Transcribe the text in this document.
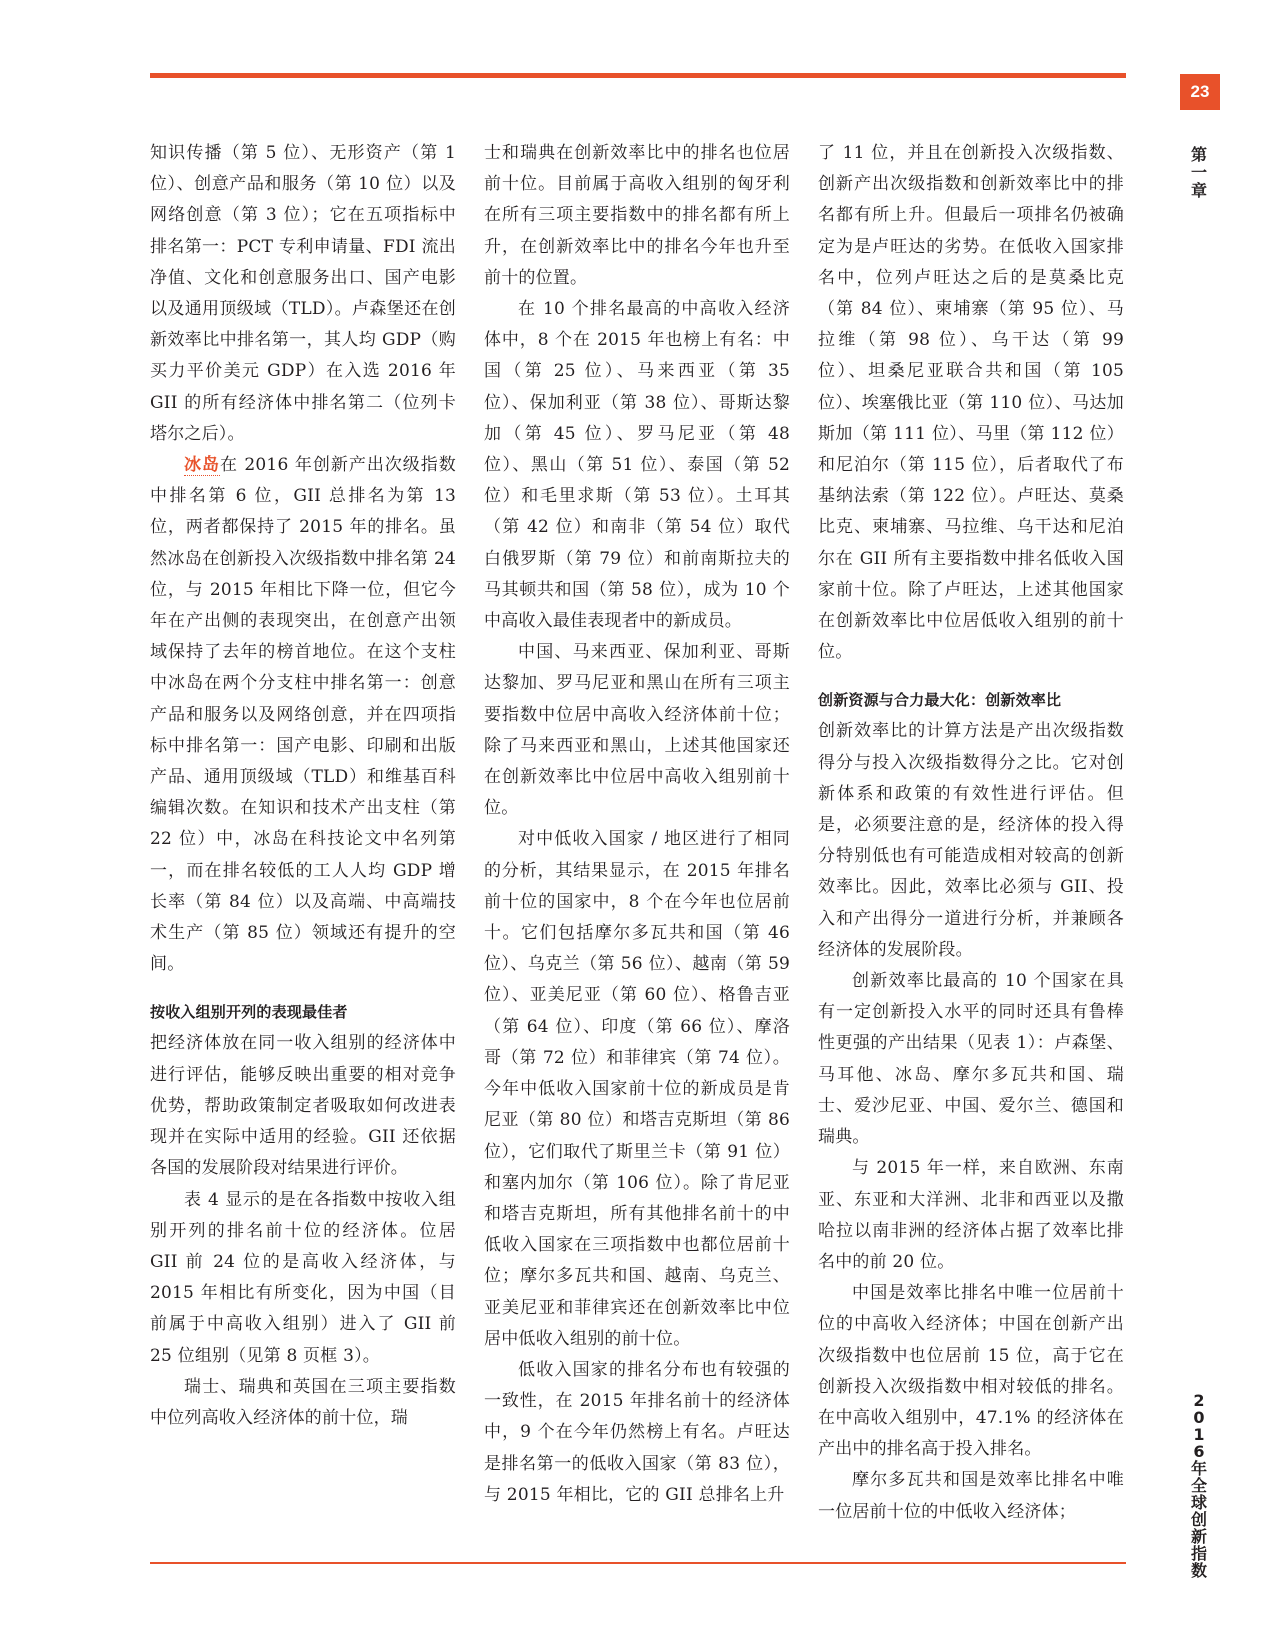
23
第
一
章
2
0
1
6
年
全
球
创
新
指
数

知识传播（第 5 位）、无形资产（第 1 位）、创意产品和服务（第 10 位）以及网络创意（第 3 位）；它在五项指标中排名第一：PCT 专利申请量、FDI 流出净值、文化和创意服务出口、国产电影以及通用顶级域（TLD）。卢森堡还在创新效率比中排名第一，其人均 GDP（购买力平价美元 GDP）在入选 2016 年 GII 的所有经济体中排名第二（位列卡塔尔之后）。

冰岛在 2016 年创新产出次级指数中排名第 6 位，GII 总排名为第 13 位，两者都保持了 2015 年的排名。虽然冰岛在创新投入次级指数中排名第 24 位，与 2015 年相比下降一位，但它今年在产出侧的表现突出，在创意产出领域保持了去年的榜首地位。在这个支柱中冰岛在两个分支柱中排名第一：创意产品和服务以及网络创意，并在四项指标中排名第一：国产电影、印刷和出版产品、通用顶级域（TLD）和维基百科编辑次数。在知识和技术产出支柱（第 22 位）中，冰岛在科技论文中名列第一，而在排名较低的工人人均 GDP 增长率（第 84 位）以及高端、中高端技术生产（第 85 位）领域还有提升的空间。

按收入组别开列的表现最佳者

把经济体放在同一收入组别的经济体中进行评估，能够反映出重要的相对竞争优势，帮助政策制定者吸取如何改进表现并在实际中适用的经验。GII 还依据各国的发展阶段对结果进行评价。

表 4 显示的是在各指数中按收入组别开列的排名前十位的经济体。位居 GII 前 24 位的是高收入经济体，与 2015 年相比有所变化，因为中国（目前属于中高收入组别）进入了 GII 前 25 位组别（见第 8 页框 3）。

瑞士、瑞典和英国在三项主要指数中位列高收入经济体的前十位，瑞

士和瑞典在创新效率比中的排名也位居前十位。目前属于高收入组别的匈牙利在所有三项主要指数中的排名都有所上升，在创新效率比中的排名今年也升至前十的位置。

在 10 个排名最高的中高收入经济体中，8 个在 2015 年也榜上有名：中国（第 25 位）、马来西亚（第 35 位）、保加利亚（第 38 位）、哥斯达黎加（第 45 位）、罗马尼亚（第 48 位）、黑山（第 51 位）、泰国（第 52 位）和毛里求斯（第 53 位）。土耳其（第 42 位）和南非（第 54 位）取代白俄罗斯（第 79 位）和前南斯拉夫的马其顿共和国（第 58 位），成为 10 个中高收入最佳表现者中的新成员。

中国、马来西亚、保加利亚、哥斯达黎加、罗马尼亚和黑山在所有三项主要指数中位居中高收入经济体前十位；除了马来西亚和黑山，上述其他国家还在创新效率比中位居中高收入组别前十位。

对中低收入国家 / 地区进行了相同的分析，其结果显示，在 2015 年排名前十位的国家中，8 个在今年也位居前十。它们包括摩尔多瓦共和国（第 46 位）、乌克兰（第 56 位）、越南（第 59 位）、亚美尼亚（第 60 位）、格鲁吉亚（第 64 位）、印度（第 66 位）、摩洛哥（第 72 位）和菲律宾（第 74 位）。今年中低收入国家前十位的新成员是肯尼亚（第 80 位）和塔吉克斯坦（第 86 位），它们取代了斯里兰卡（第 91 位）和塞内加尔（第 106 位）。除了肯尼亚和塔吉克斯坦，所有其他排名前十的中低收入国家在三项指数中也都位居前十位；摩尔多瓦共和国、越南、乌克兰、亚美尼亚和菲律宾还在创新效率比中位居中低收入组别的前十位。

低收入国家的排名分布也有较强的一致性，在 2015 年排名前十的经济体中，9 个在今年仍然榜上有名。卢旺达是排名第一的低收入国家（第 83 位），与 2015 年相比，它的 GII 总排名上升

了 11 位，并且在创新投入次级指数、创新产出次级指数和创新效率比中的排名都有所上升。但最后一项排名仍被确定为是卢旺达的劣势。在低收入国家排名中，位列卢旺达之后的是莫桑比克（第 84 位）、柬埔寨（第 95 位）、马拉维（第 98 位）、乌干达（第 99 位）、坦桑尼亚联合共和国（第 105 位）、埃塞俄比亚（第 110 位）、马达加斯加（第 111 位）、马里（第 112 位）和尼泊尔（第 115 位），后者取代了布基纳法索（第 122 位）。卢旺达、莫桑比克、柬埔寨、马拉维、乌干达和尼泊尔在 GII 所有主要指数中排名低收入国家前十位。除了卢旺达，上述其他国家在创新效率比中位居低收入组别的前十位。

创新资源与合力最大化：创新效率比

创新效率比的计算方法是产出次级指数得分与投入次级指数得分之比。它对创新体系和政策的有效性进行评估。但是，必须要注意的是，经济体的投入得分特别低也有可能造成相对较高的创新效率比。因此，效率比必须与 GII、投入和产出得分一道进行分析，并兼顾各经济体的发展阶段。

创新效率比最高的 10 个国家在具有一定创新投入水平的同时还具有鲁棒性更强的产出结果（见表 1）：卢森堡、马耳他、冰岛、摩尔多瓦共和国、瑞士、爱沙尼亚、中国、爱尔兰、德国和瑞典。

与 2015 年一样，来自欧洲、东南亚、东亚和大洋洲、北非和西亚以及撒哈拉以南非洲的经济体占据了效率比排名中的前 20 位。

中国是效率比排名中唯一位居前十位的中高收入经济体；中国在创新产出次级指数中也位居前 15 位，高于它在创新投入次级指数中相对较低的排名。在中高收入组别中，47.1% 的经济体在产出中的排名高于投入排名。

摩尔多瓦共和国是效率比排名中唯一位居前十位的中低收入经济体；
